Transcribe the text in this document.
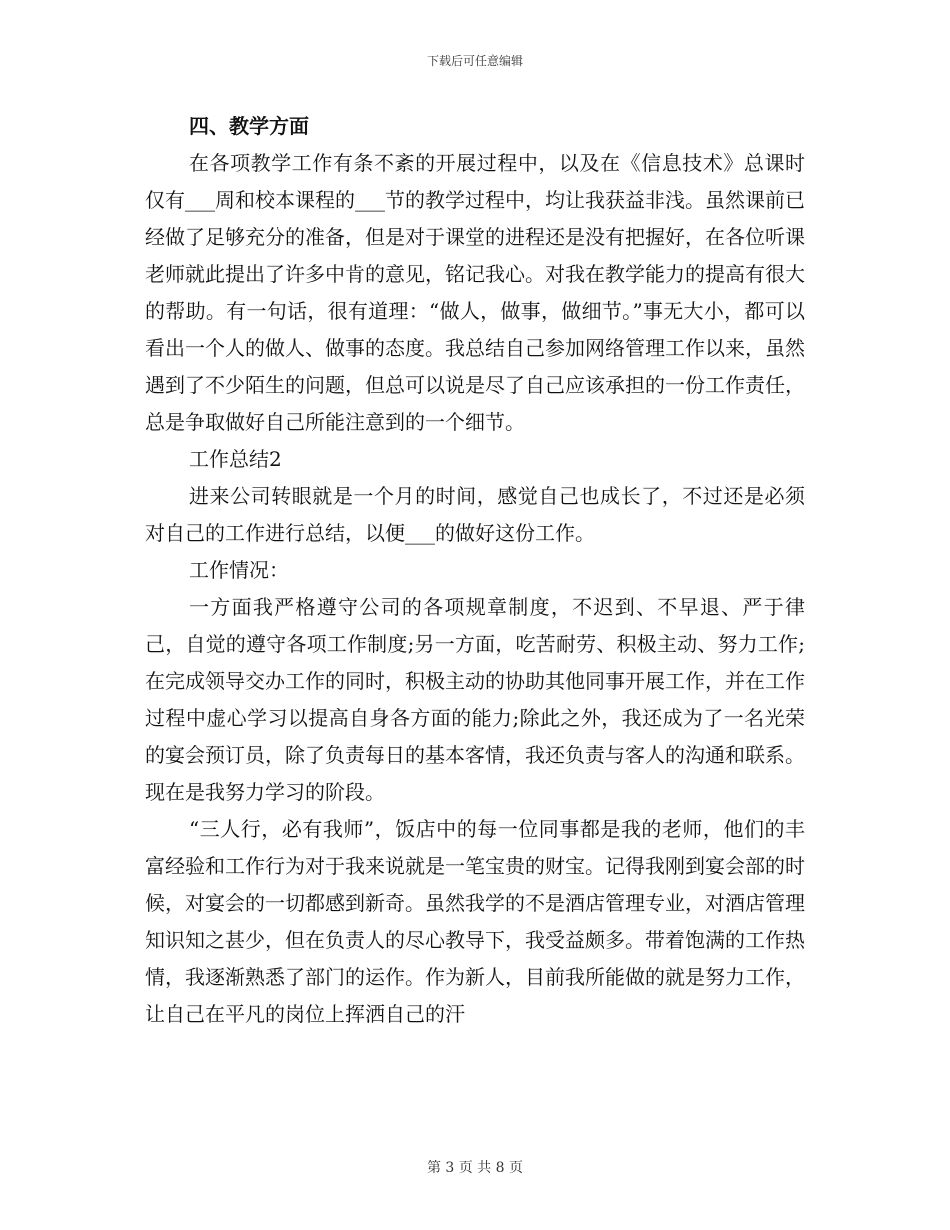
下载后可任意编辑

四、教学方面

在各项教学工作有条不紊的开展过程中，以及在《信息技术》总课时仅有___周和校本课程的___节的教学过程中，均让我获益非浅。虽然课前已经做了足够充分的准备，但是对于课堂的进程还是没有把握好，在各位听课老师就此提出了许多中肯的意见，铭记我心。对我在教学能力的提高有很大的帮助。有一句话，很有道理：“做人，做事，做细节。”事无大小，都可以看出一个人的做人、做事的态度。我总结自己参加网络管理工作以来，虽然遇到了不少陌生的问题，但总可以说是尽了自己应该承担的一份工作责任，总是争取做好自己所能注意到的一个细节。

工作总结2

进来公司转眼就是一个月的时间，感觉自己也成长了，不过还是必须对自己的工作进行总结，以便___的做好这份工作。

工作情况：

一方面我严格遵守公司的各项规章制度，不迟到、不早退、严于律己，自觉的遵守各项工作制度;另一方面，吃苦耐劳、积极主动、努力工作;在完成领导交办工作的同时，积极主动的协助其他同事开展工作，并在工作过程中虚心学习以提高自身各方面的能力;除此之外，我还成为了一名光荣的宴会预订员，除了负责每日的基本客情，我还负责与客人的沟通和联系。现在是我努力学习的阶段。

“三人行，必有我师”，饭店中的每一位同事都是我的老师，他们的丰富经验和工作行为对于我来说就是一笔宝贵的财宝。记得我刚到宴会部的时候，对宴会的一切都感到新奇。虽然我学的不是酒店管理专业，对酒店管理知识知之甚少，但在负责人的尽心教导下，我受益颇多。带着饱满的工作热情，我逐渐熟悉了部门的运作。作为新人，目前我所能做的就是努力工作，让自己在平凡的岗位上挥洒自己的汗

第 3 页 共 8 页
